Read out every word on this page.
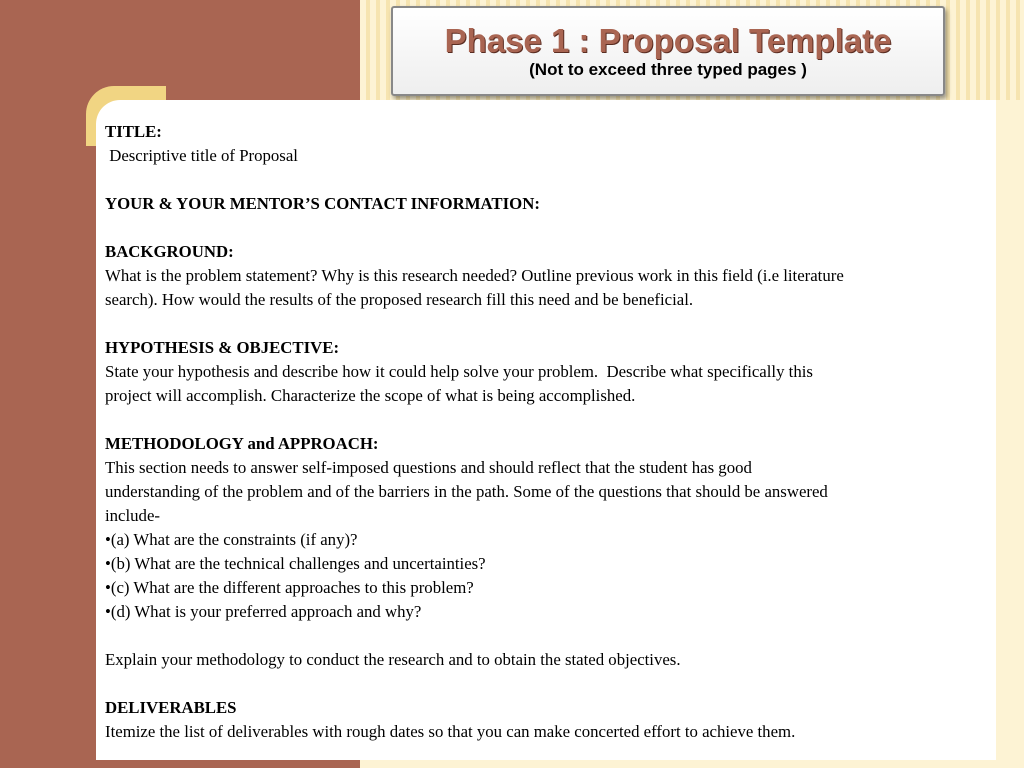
Phase 1 : Proposal Template
(Not to exceed three typed pages )

TITLE:

Descriptive title of Proposal

YOUR & YOUR MENTOR’S CONTACT INFORMATION:

BACKGROUND:

What is the problem statement? Why is this research needed? Outline previous work in this field (i.e literature

search). How would the results of the proposed research fill this need and be beneficial.

HYPOTHESIS & OBJECTIVE:

State your hypothesis and describe how it could help solve your problem.  Describe what specifically this

project will accomplish. Characterize the scope of what is being accomplished.

METHODOLOGY and APPROACH:

This section needs to answer self-imposed questions and should reflect that the student has good

understanding of the problem and of the barriers in the path. Some of the questions that should be answered

include-

•(a) What are the constraints (if any)?

•(b) What are the technical challenges and uncertainties?

•(c) What are the different approaches to this problem?

•(d) What is your preferred approach and why?

Explain your methodology to conduct the research and to obtain the stated objectives.

DELIVERABLES

Itemize the list of deliverables with rough dates so that you can make concerted effort to achieve them.
